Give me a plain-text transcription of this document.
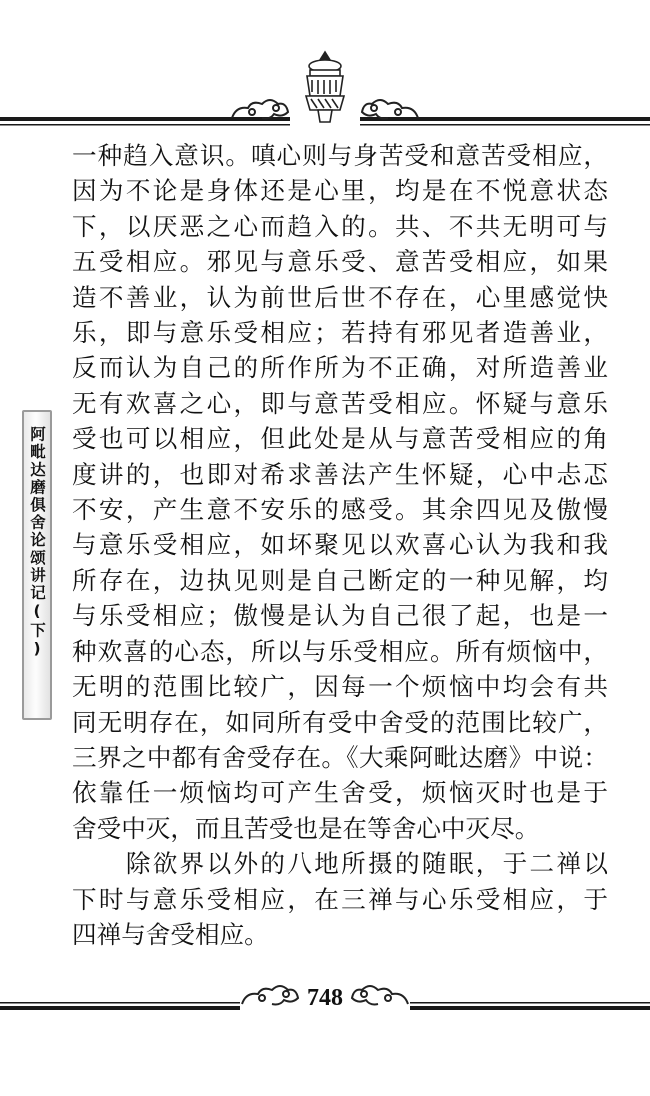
阿毗达磨俱舍论颂讲记(下)
一种趋入意识。嗔心则与身苦受和意苦受相应，
因为不论是身体还是心里，均是在不悦意状态
下，以厌恶之心而趋入的。共、不共无明可与
五受相应。邪见与意乐受、意苦受相应，如果
造不善业，认为前世后世不存在，心里感觉快
乐，即与意乐受相应；若持有邪见者造善业，
反而认为自己的所作所为不正确，对所造善业
无有欢喜之心，即与意苦受相应。怀疑与意乐
受也可以相应，但此处是从与意苦受相应的角
度讲的，也即对希求善法产生怀疑，心中忐忑
不安，产生意不安乐的感受。其余四见及傲慢
与意乐受相应，如坏聚见以欢喜心认为我和我
所存在，边执见则是自己断定的一种见解，均
与乐受相应；傲慢是认为自己很了起，也是一
种欢喜的心态，所以与乐受相应。所有烦恼中，
无明的范围比较广，因每一个烦恼中均会有共
同无明存在，如同所有受中舍受的范围比较广，
三界之中都有舍受存在。《大乘阿毗达磨》中说：
依靠任一烦恼均可产生舍受，烦恼灭时也是于
舍受中灭，而且苦受也是在等舍心中灭尽。
　　除欲界以外的八地所摄的随眠，于二禅以
下时与意乐受相应，在三禅与心乐受相应，于
四禅与舍受相应。
748
